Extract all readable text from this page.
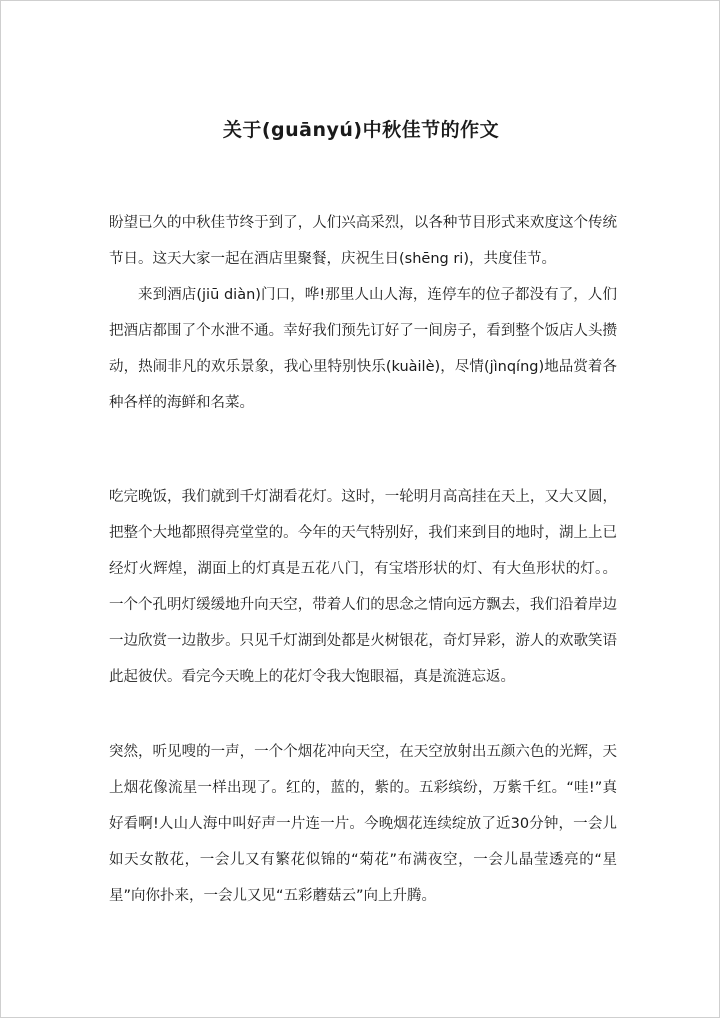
关于(guānyú)中秋佳节的作文

盼望已久的中秋佳节终于到了，人们兴高采烈，以各种节目形式来欢度这个传统节日。这天大家一起在酒店里聚餐，庆祝生日(shēng ri)，共度佳节。

来到酒店(jiū diàn)门口，哗!那里人山人海，连停车的位子都没有了，人们把酒店都围了个水泄不通。幸好我们预先订好了一间房子，看到整个饭店人头攒动，热闹非凡的欢乐景象，我心里特别快乐(kuàilè)，尽情(jìnqíng)地品赏着各种各样的海鲜和名菜。

吃完晚饭，我们就到千灯湖看花灯。这时，一轮明月高高挂在天上，又大又圆，把整个大地都照得亮堂堂的。今年的天气特别好，我们来到目的地时，湖上上已经灯火辉煌，湖面上的灯真是五花八门，有宝塔形状的灯、有大鱼形状的灯。。一个个孔明灯缓缓地升向天空，带着人们的思念之情向远方飘去，我们沿着岸边一边欣赏一边散步。只见千灯湖到处都是火树银花，奇灯异彩，游人的欢歌笑语此起彼伏。看完今天晚上的花灯令我大饱眼福，真是流涟忘返。

突然，听见嗖的一声，一个个烟花冲向天空，在天空放射出五颜六色的光辉，天上烟花像流星一样出现了。红的，蓝的，紫的。五彩缤纷，万紫千红。“哇!”真好看啊!人山人海中叫好声一片连一片。今晚烟花连续绽放了近30分钟，一会儿如天女散花，一会儿又有繁花似锦的“菊花”布满夜空，一会儿晶莹透亮的“星星”向你扑来，一会儿又见“五彩蘑菇云”向上升腾。
